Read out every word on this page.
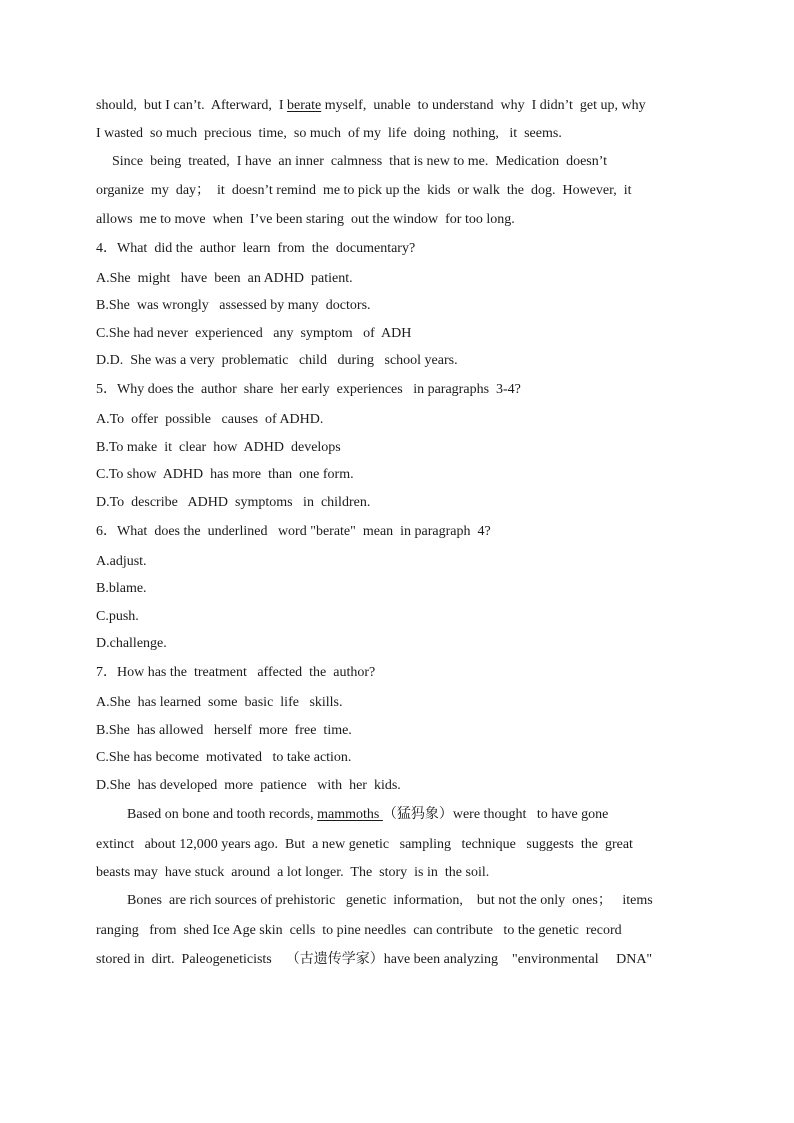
should,  but I can’t.  Afterward,  I berate myself,  unable  to understand  why  I didn’t  get up, why
I wasted  so much  precious  time,  so much  of my  life  doing  nothing,   it  seems.
Since  being  treated,  I have  an inner  calmness  that is new to me.  Medication  doesn’t
organize  my  day；  it  doesn’t remind  me to pick up the  kids  or walk  the  dog.  However,  it
allows  me to move  when  I’ve been staring  out the window  for too long.
4．What  did the  author  learn  from  the  documentary?
A.She  might   have  been  an ADHD  patient.
B.She  was wrongly   assessed by many  doctors.
C.She had never  experienced   any  symptom   of  ADH
D.D.  She was a very  problematic   child   during   school years.
5．Why does the  author  share  her early  experiences   in paragraphs  3-4?
A.To  offer  possible   causes  of ADHD.
B.To make  it  clear  how  ADHD  develops
C.To show  ADHD  has more  than  one form.
D.To  describe   ADHD  symptoms   in  children.
6．What  does the  underlined   word "berate"  mean  in paragraph  4?
A.adjust.
B.blame.
C.push.
D.challenge.
7．How has the  treatment   affected  the  author?
A.She  has learned  some  basic  life   skills.
B.She  has allowed   herself  more  free  time.
C.She has become  motivated   to take action.
D.She  has developed  more  patience   with  her  kids.
Based on bone and tooth records, mammoths （猛犸象）were thought   to have gone
extinct   about 12,000 years ago.  But  a new genetic   sampling   technique   suggests  the  great
beasts may  have stuck  around  a lot longer.  The  story  is in  the soil.
Bones  are rich sources of prehistoric   genetic  information,    but not the only  ones；   items
ranging   from  shed Ice Age skin  cells  to pine needles  can contribute   to the genetic  record
stored in  dirt.  Paleogeneticists    （古遗传学家）have been analyzing    "environmental     DNA"
